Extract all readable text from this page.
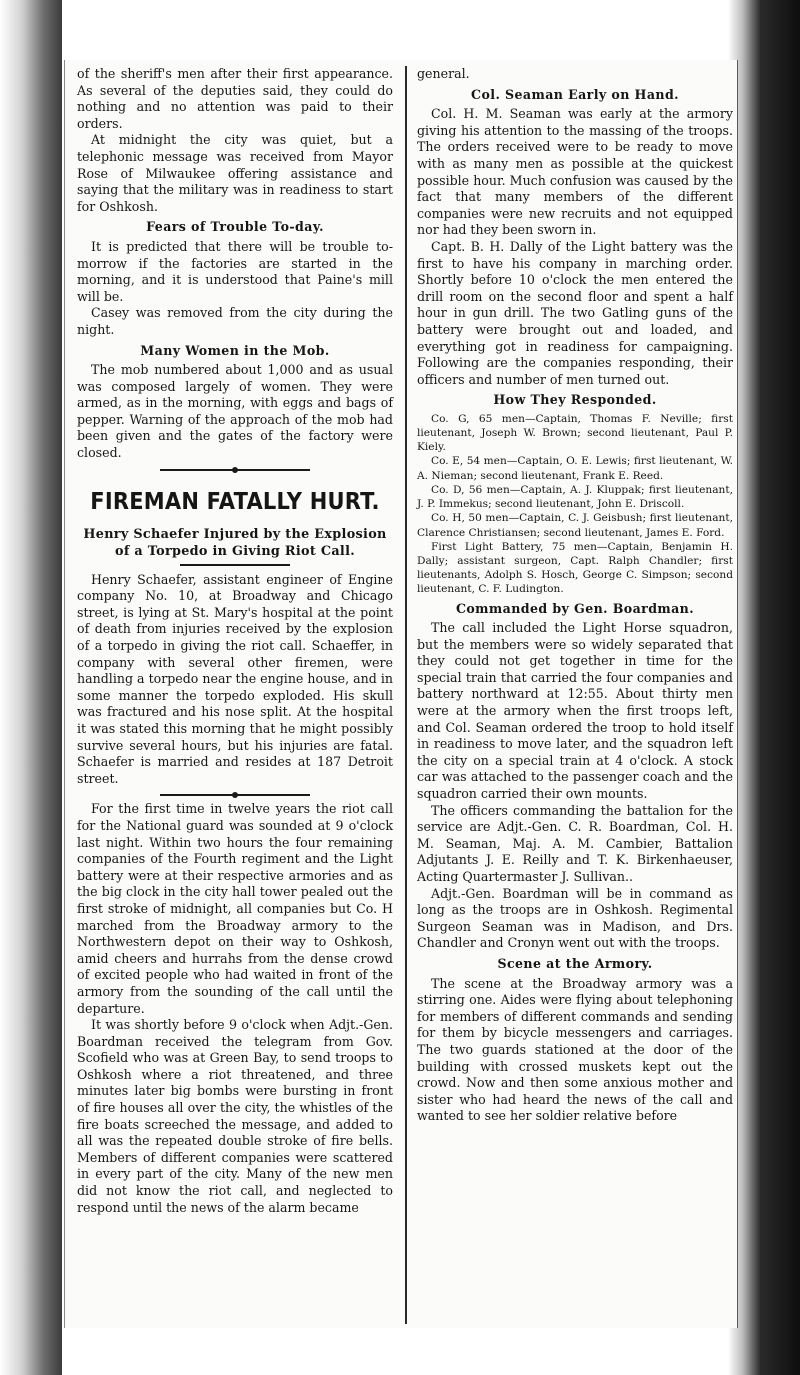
of the sheriff's men after their first appearance. As several of the deputies said, they could do nothing and no attention was paid to their orders.

At midnight the city was quiet, but a telephonic message was received from Mayor Rose of Milwaukee offering assistance and saying that the military was in readiness to start for Oshkosh.

Fears of Trouble To-day.

It is predicted that there will be trouble to-morrow if the factories are started in the morning, and it is understood that Paine's mill will be.

Casey was removed from the city during the night.

Many Women in the Mob.

The mob numbered about 1,000 and as usual was composed largely of women. They were armed, as in the morning, with eggs and bags of pepper. Warning of the approach of the mob had been given and the gates of the factory were closed.

FIREMAN FATALLY HURT.
Henry Schaefer Injured by the Explosion of a Torpedo in Giving Riot Call.

Henry Schaefer, assistant engineer of Engine company No. 10, at Broadway and Chicago street, is lying at St. Mary's hospital at the point of death from injuries received by the explosion of a torpedo in giving the riot call. Schaeffer, in company with several other firemen, were handling a torpedo near the engine house, and in some manner the torpedo exploded. His skull was fractured and his nose split. At the hospital it was stated this morning that he might possibly survive several hours, but his injuries are fatal. Schaefer is married and resides at 187 Detroit street.

For the first time in twelve years the riot call for the National guard was sounded at 9 o'clock last night. Within two hours the four remaining companies of the Fourth regiment and the Light battery were at their respective armories and as the big clock in the city hall tower pealed out the first stroke of midnight, all companies but Co. H marched from the Broadway armory to the Northwestern depot on their way to Oshkosh, amid cheers and hurrahs from the dense crowd of excited people who had waited in front of the armory from the sounding of the call until the departure.

It was shortly before 9 o'clock when Adjt.-Gen. Boardman received the telegram from Gov. Scofield who was at Green Bay, to send troops to Oshkosh where a riot threatened, and three minutes later big bombs were bursting in front of fire houses all over the city, the whistles of the fire boats screeched the message, and added to all was the repeated double stroke of fire bells. Members of different companies were scattered in every part of the city. Many of the new men did not know the riot call, and neglected to respond until the news of the alarm became

general.

Col. Seaman Early on Hand.

Col. H. M. Seaman was early at the armory giving his attention to the massing of the troops. The orders received were to be ready to move with as many men as possible at the quickest possible hour. Much confusion was caused by the fact that many members of the different companies were new recruits and not equipped nor had they been sworn in.

Capt. B. H. Dally of the Light battery was the first to have his company in marching order. Shortly before 10 o'clock the men entered the drill room on the second floor and spent a half hour in gun drill. The two Gatling guns of the battery were brought out and loaded, and everything got in readiness for campaigning. Following are the companies responding, their officers and number of men turned out.

How They Responded.

Co. G, 65 men—Captain, Thomas F. Neville; first lieutenant, Joseph W. Brown; second lieutenant, Paul P. Kiely.

Co. E, 54 men—Captain, O. E. Lewis; first lieutenant, W. A. Nieman; second lieutenant, Frank E. Reed.

Co. D, 56 men—Captain, A. J. Kluppak; first lieutenant, J. P. Immekus; second lieutenant, John E. Driscoll.

Co. H, 50 men—Captain, C. J. Geisbush; first lieutenant, Clarence Christiansen; second lieutenant, James E. Ford.

First Light Battery, 75 men—Captain, Benjamin H. Dally; assistant surgeon, Capt. Ralph Chandler; first lieutenants, Adolph S. Hosch, George C. Simpson; second lieutenant, C. F. Ludington.

Commanded by Gen. Boardman.

The call included the Light Horse squadron, but the members were so widely separated that they could not get together in time for the special train that carried the four companies and battery northward at 12:55. About thirty men were at the armory when the first troops left, and Col. Seaman ordered the troop to hold itself in readiness to move later, and the squadron left the city on a special train at 4 o'clock. A stock car was attached to the passenger coach and the squadron carried their own mounts.

The officers commanding the battalion for the service are Adjt.-Gen. C. R. Boardman, Col. H. M. Seaman, Maj. A. M. Cambier, Battalion Adjutants J. E. Reilly and T. K. Birkenhaeuser, Acting Quartermaster J. Sullivan..

Adjt.-Gen. Boardman will be in command as long as the troops are in Oshkosh. Regimental Surgeon Seaman was in Madison, and Drs. Chandler and Cronyn went out with the troops.

Scene at the Armory.

The scene at the Broadway armory was a stirring one. Aides were flying about telephoning for members of different commands and sending for them by bicycle messengers and carriages. The two guards stationed at the door of the building with crossed muskets kept out the crowd. Now and then some anxious mother and sister who had heard the news of the call and wanted to see her soldier relative before
